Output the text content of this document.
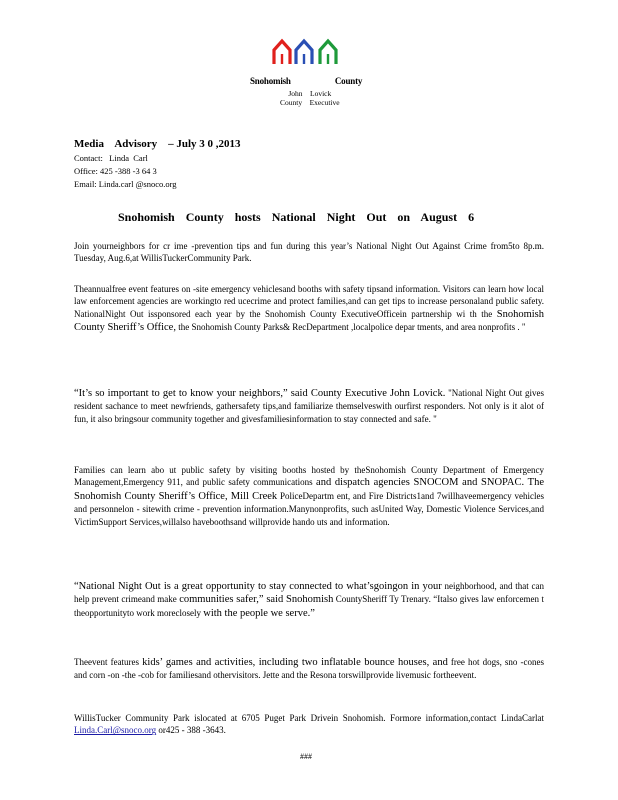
Snohomish	County
John    Lovick
County    Executive
Media    Advisory    – July 3 0 ,2013
Contact:   Linda  Carl
Office: 425 -388 -3 64 3
Email: Linda.carl @snoco.org
Snohomish County hosts National Night Out on August 6
Join yourneighbors for cr ime -prevention tips and fun during this year’s National Night Out Against Crime from5to 8p.m. Tuesday, Aug.6,at WillisTuckerCommunity Park.
Theannualfree event features on -site emergency vehiclesand booths with safety tipsand information. Visitors can learn how local law enforcement agencies are workingto red ucecrime and protect families,and can get tips to increase personaland public safety. NationalNight Out issponsored each year by the Snohomish County ExecutiveOfficein partnership wi th the Snohomish County Sheriff’s Office, the Snohomish County Parks& RecDepartment ,localpolice depar tments, and area nonprofits . "
“It’s so important to get to know your neighbors,” said County Executive John Lovick. "National Night Out gives resident sachance to meet newfriends, gathersafety tips,and familiarize themselveswith ourfirst responders. Not only is it alot of fun, it also bringsour community together and givesfamiliesinformation to stay connected and safe. "
Families can learn abo ut public safety by visiting booths hosted by theSnohomish County Department of Emergency Management,Emergency 911, and public safety communications and dispatch agencies SNOCOM and SNOPAC. The Snohomish County Sheriff’s Office, Mill Creek PoliceDepartm ent, and Fire Districts1and 7willhaveemergency vehicles and personnelon - sitewith crime - prevention information.Manynonprofits, such asUnited Way, Domestic Violence Services,and VictimSupport Services,willalso haveboothsand willprovide hando uts and information.
“National Night Out is a great opportunity to stay connected to what’sgoingon in your neighborhood, and that can help prevent crimeand make communities safer,” said Snohomish CountySheriff Ty Trenary. “Italso gives law enforcemen t theopportunityto work moreclosely with the people we serve.”
Theevent features kids’ games and activities, including two inflatable bounce houses, and free hot dogs, sno -cones and corn -on -the -cob for familiesand othervisitors. Jette and the Resona torswillprovide livemusic fortheevent.
WillisTucker Community Park islocated at 6705 Puget Park Drivein Snohomish. Formore information,contact LindaCarlat Linda.Carl@snoco.org or425 - 388 -3643.
###
